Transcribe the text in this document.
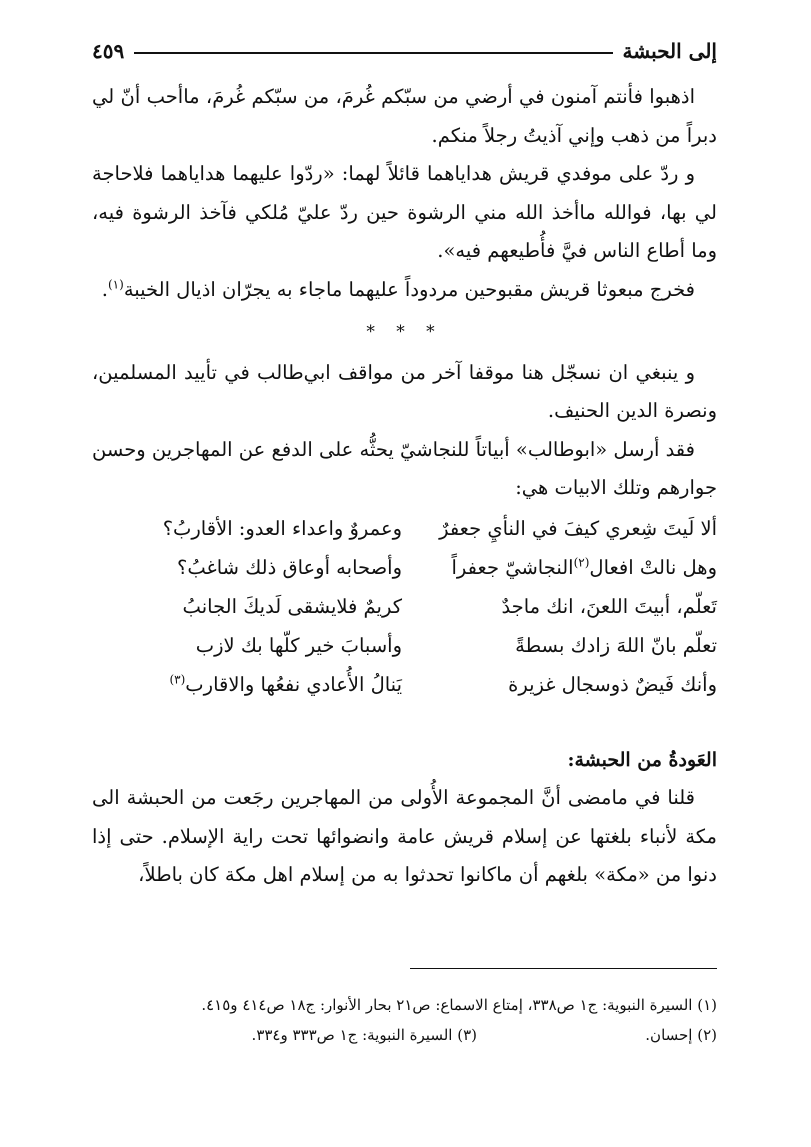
إلى الحبشة
٤٥٩

اذهبوا فأنتم آمنون في أرضي من سبّكم غُرمَ، من سبّكم غُرمَ، ماأحب أنّ لي دبراً من ذهب وإني آذيتُ رجلاً منكم.

و ردّ على موفدي قريش هداياهما قائلاً لهما: «ردّوا عليهما هداياهما فلاحاجة لي بها، فوالله ماأخذ الله مني الرشوة حين ردّ عليّ مُلكي فآخذ الرشوة فيه، وما أطاع الناس فيَّ فأُطيعهم فيه».

فخرج مبعوثا قريش مقبوحين مردوداً عليهما ماجاء به يجرّان اذيال الخيبة$^{(١)}$.

* * *

و ينبغي ان نسجّل هنا موقفا آخر من مواقف ابي‌طالب في تأييد المسلمين، ونصرة الدين الحنيف.

فقد أرسل «ابوطالب» أبياتاً للنجاشيّ يحثُّه على الدفع عن المهاجرين وحسن جوارهم وتلك الابيات هي:

ألا لَيتَ شِعري كيفَ في النأيِ جعفرٌ
وعمروٌ واعداء العدو: الأقاربُ؟
وهل نالتْ افعال$^{(٢)}$النجاشيّ جعفراً
وأصحابه أوعاق ذلك شاغبُ؟
تَعلّم، أبيتَ اللعنَ، انك ماجدٌ
كريمٌ فلايشقى لَديكَ الجانبُ
تعلّم بانّ اللهَ زادك بسطةً
وأسبابَ خير كلّها بك لازب
وأنك فَيضٌ ذوسجال غزيرة
يَنالُ الأُعادي نفعُها والاقارب$^{(٣)}$
العَودةُ من الحبشة:

قلنا في مامضى أنَّ المجموعة الأُولى من المهاجرين رجَعت من الحبشة الى مكة لأنباء بلغتها عن إسلام قريش عامة وانضوائها تحت راية الإسلام. حتى إذا دنوا من «مكة» بلغهم أن ماكانوا تحدثوا به من إسلام اهل مكة كان باطلاً،

(١) السيرة النبوية: ج١ ص٣٣٨، إمتاع الاسماع: ص٢١ بحار الأنوار: ج١٨ ص٤١٤ و٤١٥.
(٢) إحسان.
(٣) السيرة النبوية: ج١ ص٣٣٣ و٣٣٤.
